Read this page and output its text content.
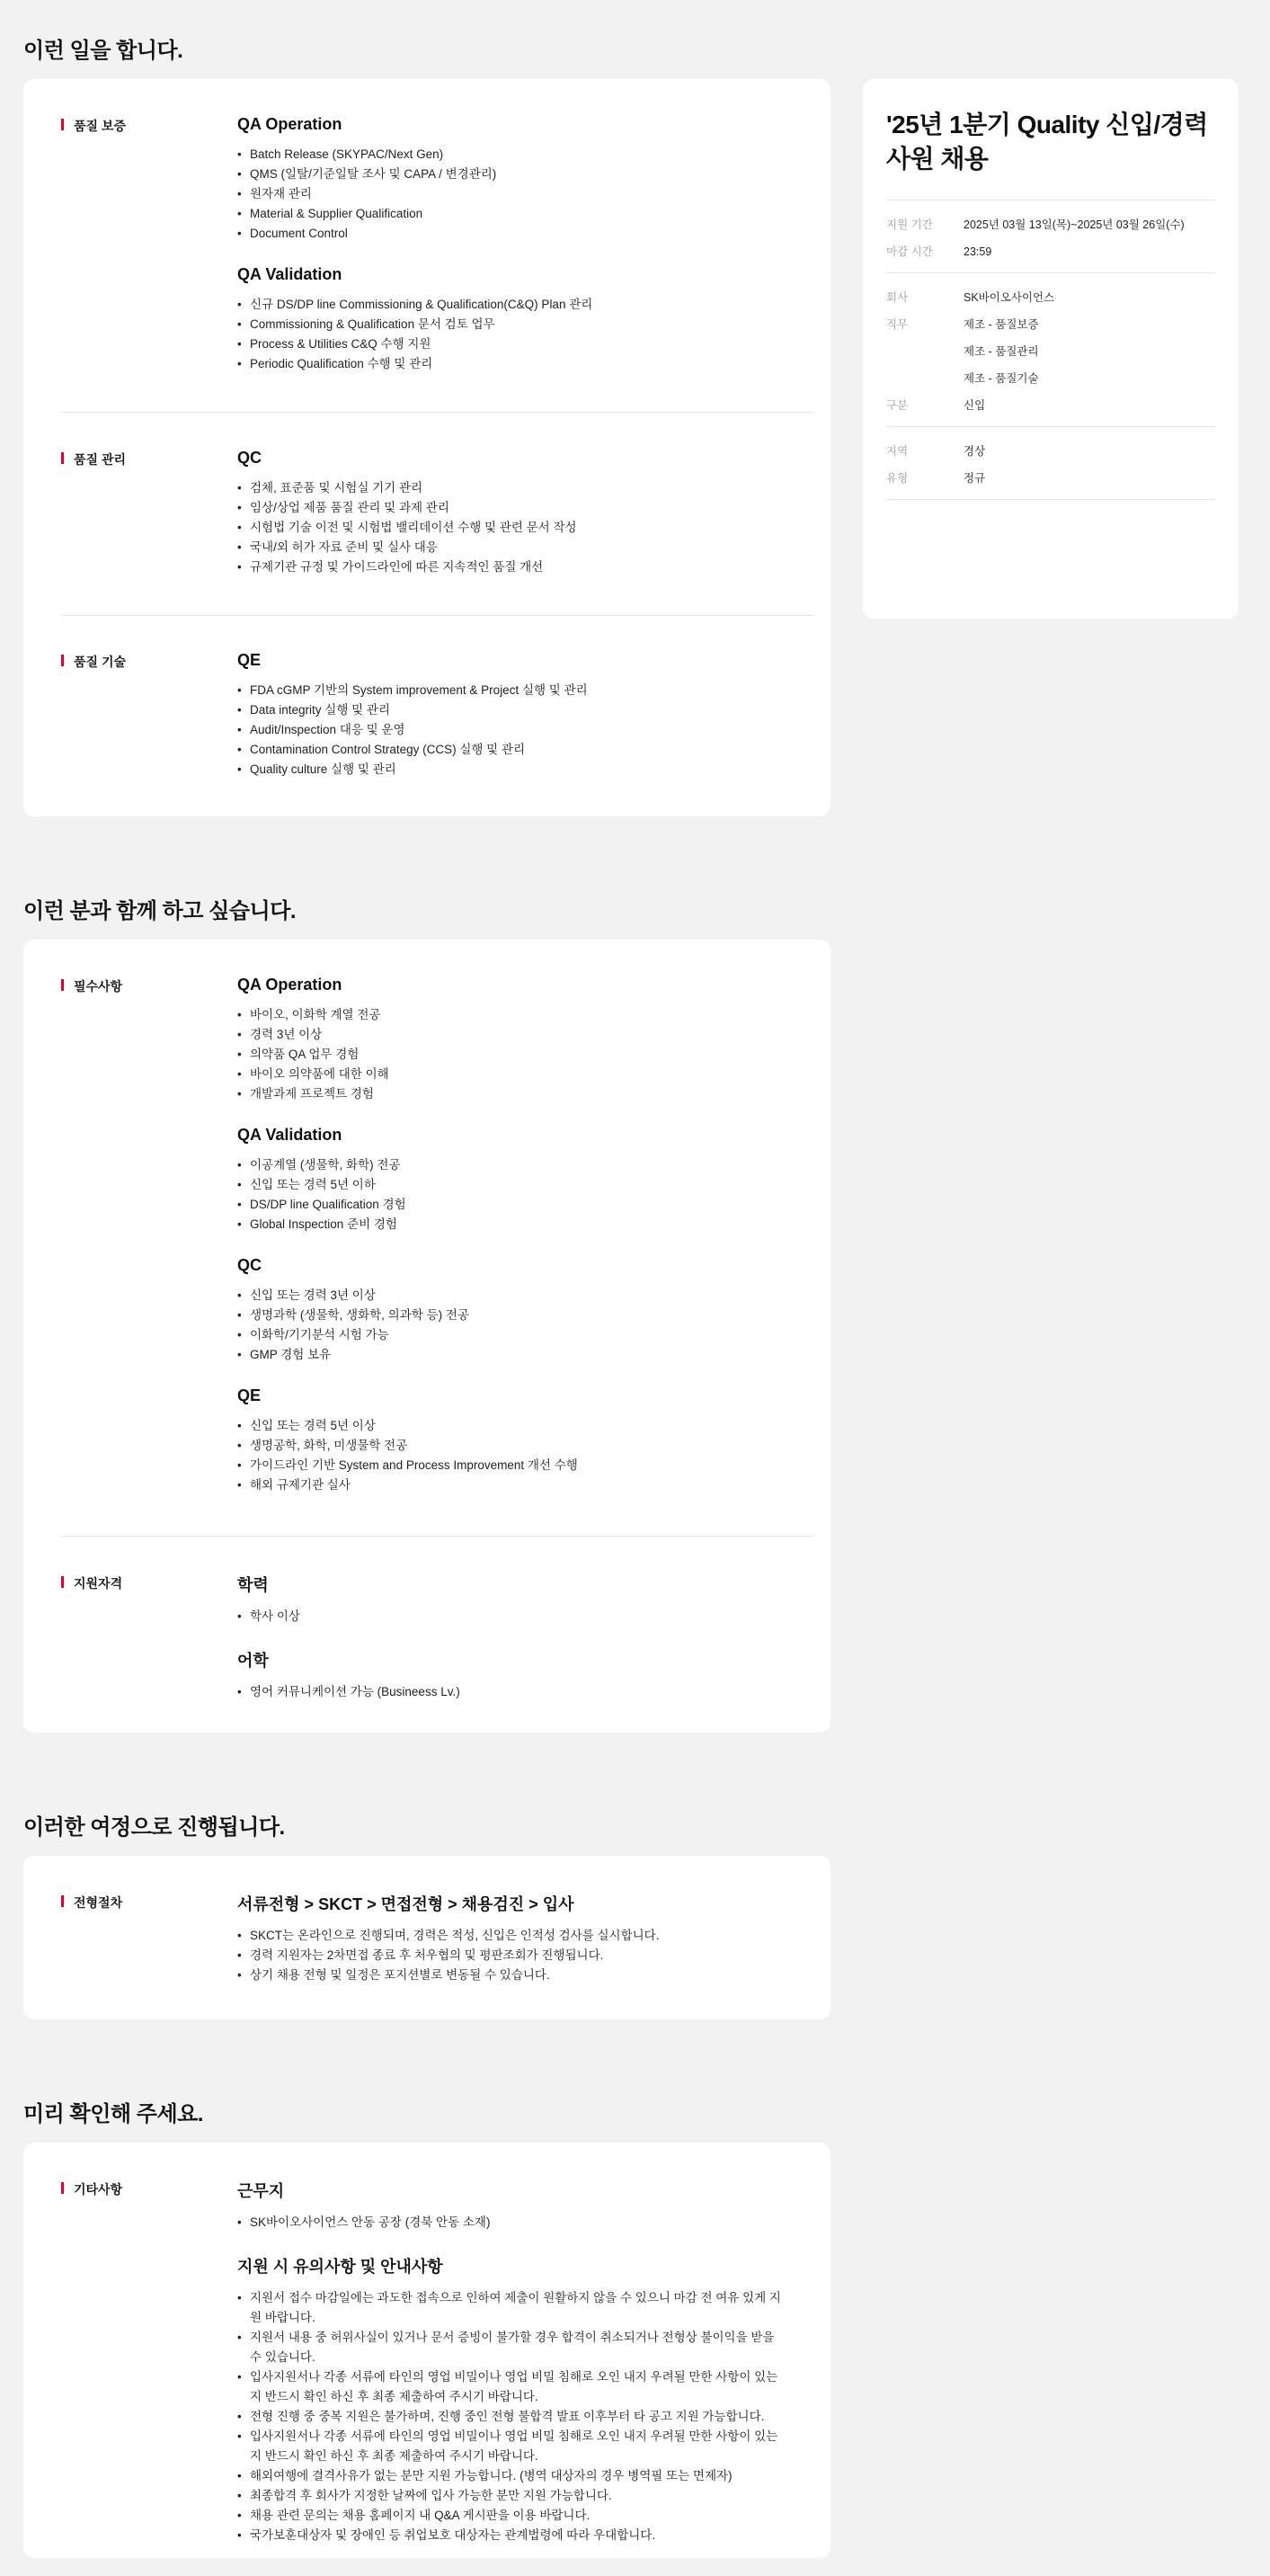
이런 일을 합니다.
품질 보증	QA Operation
• Batch Release (SKYPAC/Next Gen)
• QMS (일탈/기준일탈 조사 및 CAPA / 변경관리)
• 원자재 관리
• Material & Supplier Qualification
• Document Control
QA Validation
• 신규 DS/DP line Commissioning & Qualification(C&Q) Plan 관리
• Commissioning & Qualification 문서 검토 업무
• Process & Utilities C&Q 수행 지원
• Periodic Qualification 수행 및 관리
품질 관리	QC
• 검체, 표준품 및 시험실 기기 관리
• 임상/상업 제품 품질 관리 및 과제 관리
• 시험법 기술 이전 및 시험법 밸리데이션 수행 및 관련 문서 작성
• 국내/외 허가 자료 준비 및 실사 대응
• 규제기관 규정 및 가이드라인에 따른 지속적인 품질 개선
품질 기술	QE
• FDA cGMP 기반의 System improvement & Project 실행 및 관리
• Data integrity 실행 및 관리
• Audit/Inspection 대응 및 운영
• Contamination Control Strategy (CCS) 실행 및 관리
• Quality culture 실행 및 관리
'25년 1분기 Quality 신입/경력사원 채용
지원 기간	2025년 03월 13일(목)~2025년 03월 26일(수)
마감 시간	23:59
회사	SK바이오사이언스
직무	제조 - 품질보증
제조 - 품질관리
제조 - 품질기술
구분	신입
지역	경상
유형	정규
이런 분과 함께 하고 싶습니다.
필수사항	QA Operation
• 바이오, 이화학 계열 전공
• 경력 3년 이상
• 의약품 QA 업무 경험
• 바이오 의약품에 대한 이해
• 개발과제 프로젝트 경험
QA Validation
• 이공계열 (생물학, 화학) 전공
• 신입 또는 경력 5년 이하
• DS/DP line Qualification 경험
• Global Inspection 준비 경험
QC
• 신입 또는 경력 3년 이상
• 생명과학 (생물학, 생화학, 의과학 등) 전공
• 이화학/기기분석 시험 가능
• GMP 경험 보유
QE
• 신입 또는 경력 5년 이상
• 생명공학, 화학, 미생물학 전공
• 가이드라인 기반 System and Process Improvement 개선 수행
• 해외 규제기관 실사
지원자격	학력
• 학사 이상
어학
• 영어 커뮤니케이션 가능 (Busineess Lv.)
이러한 여정으로 진행됩니다.
전형절차	서류전형 > SKCT > 면접전형 > 채용검진 > 입사
• SKCT는 온라인으로 진행되며, 경력은 적성, 신입은 인적성 검사를 실시합니다.
• 경력 지원자는 2차면접 종료 후 처우협의 및 평판조회가 진행됩니다.
• 상기 채용 전형 및 일정은 포지션별로 변동될 수 있습니다.
미리 확인해 주세요.
기타사항	근무지
• SK바이오사이언스 안동 공장 (경북 안동 소재)
지원 시 유의사항 및 안내사항
• 지원서 접수 마감일에는 과도한 접속으로 인하여 제출이 원활하지 않을 수 있으니 마감 전 여유 있게 지원 바랍니다.
• 지원서 내용 중 허위사실이 있거나 문서 증빙이 불가할 경우 합격이 취소되거나 전형상 불이익을 받을 수 있습니다.
• 입사지원서나 각종 서류에 타인의 영업 비밀이나 영업 비밀 침해로 오인 내지 우려될 만한 사항이 있는지 반드시 확인 하신 후 최종 제출하여 주시기 바랍니다.
• 전형 진행 중 중복 지원은 불가하며, 진행 중인 전형 불합격 발표 이후부터 타 공고 지원 가능합니다.
• 입사지원서나 각종 서류에 타인의 영업 비밀이나 영업 비밀 침해로 오인 내지 우려될 만한 사항이 있는지 반드시 확인 하신 후 최종 제출하여 주시기 바랍니다.
• 해외여행에 결격사유가 없는 분만 지원 가능합니다. (병역 대상자의 경우 병역필 또는 면제자)
• 최종합격 후 회사가 지정한 날짜에 입사 가능한 분만 지원 가능합니다.
• 채용 관련 문의는 채용 홈페이지 내 Q&A 게시판을 이용 바랍니다.
• 국가보훈대상자 및 장애인 등 취업보호 대상자는 관계법령에 따라 우대합니다.
